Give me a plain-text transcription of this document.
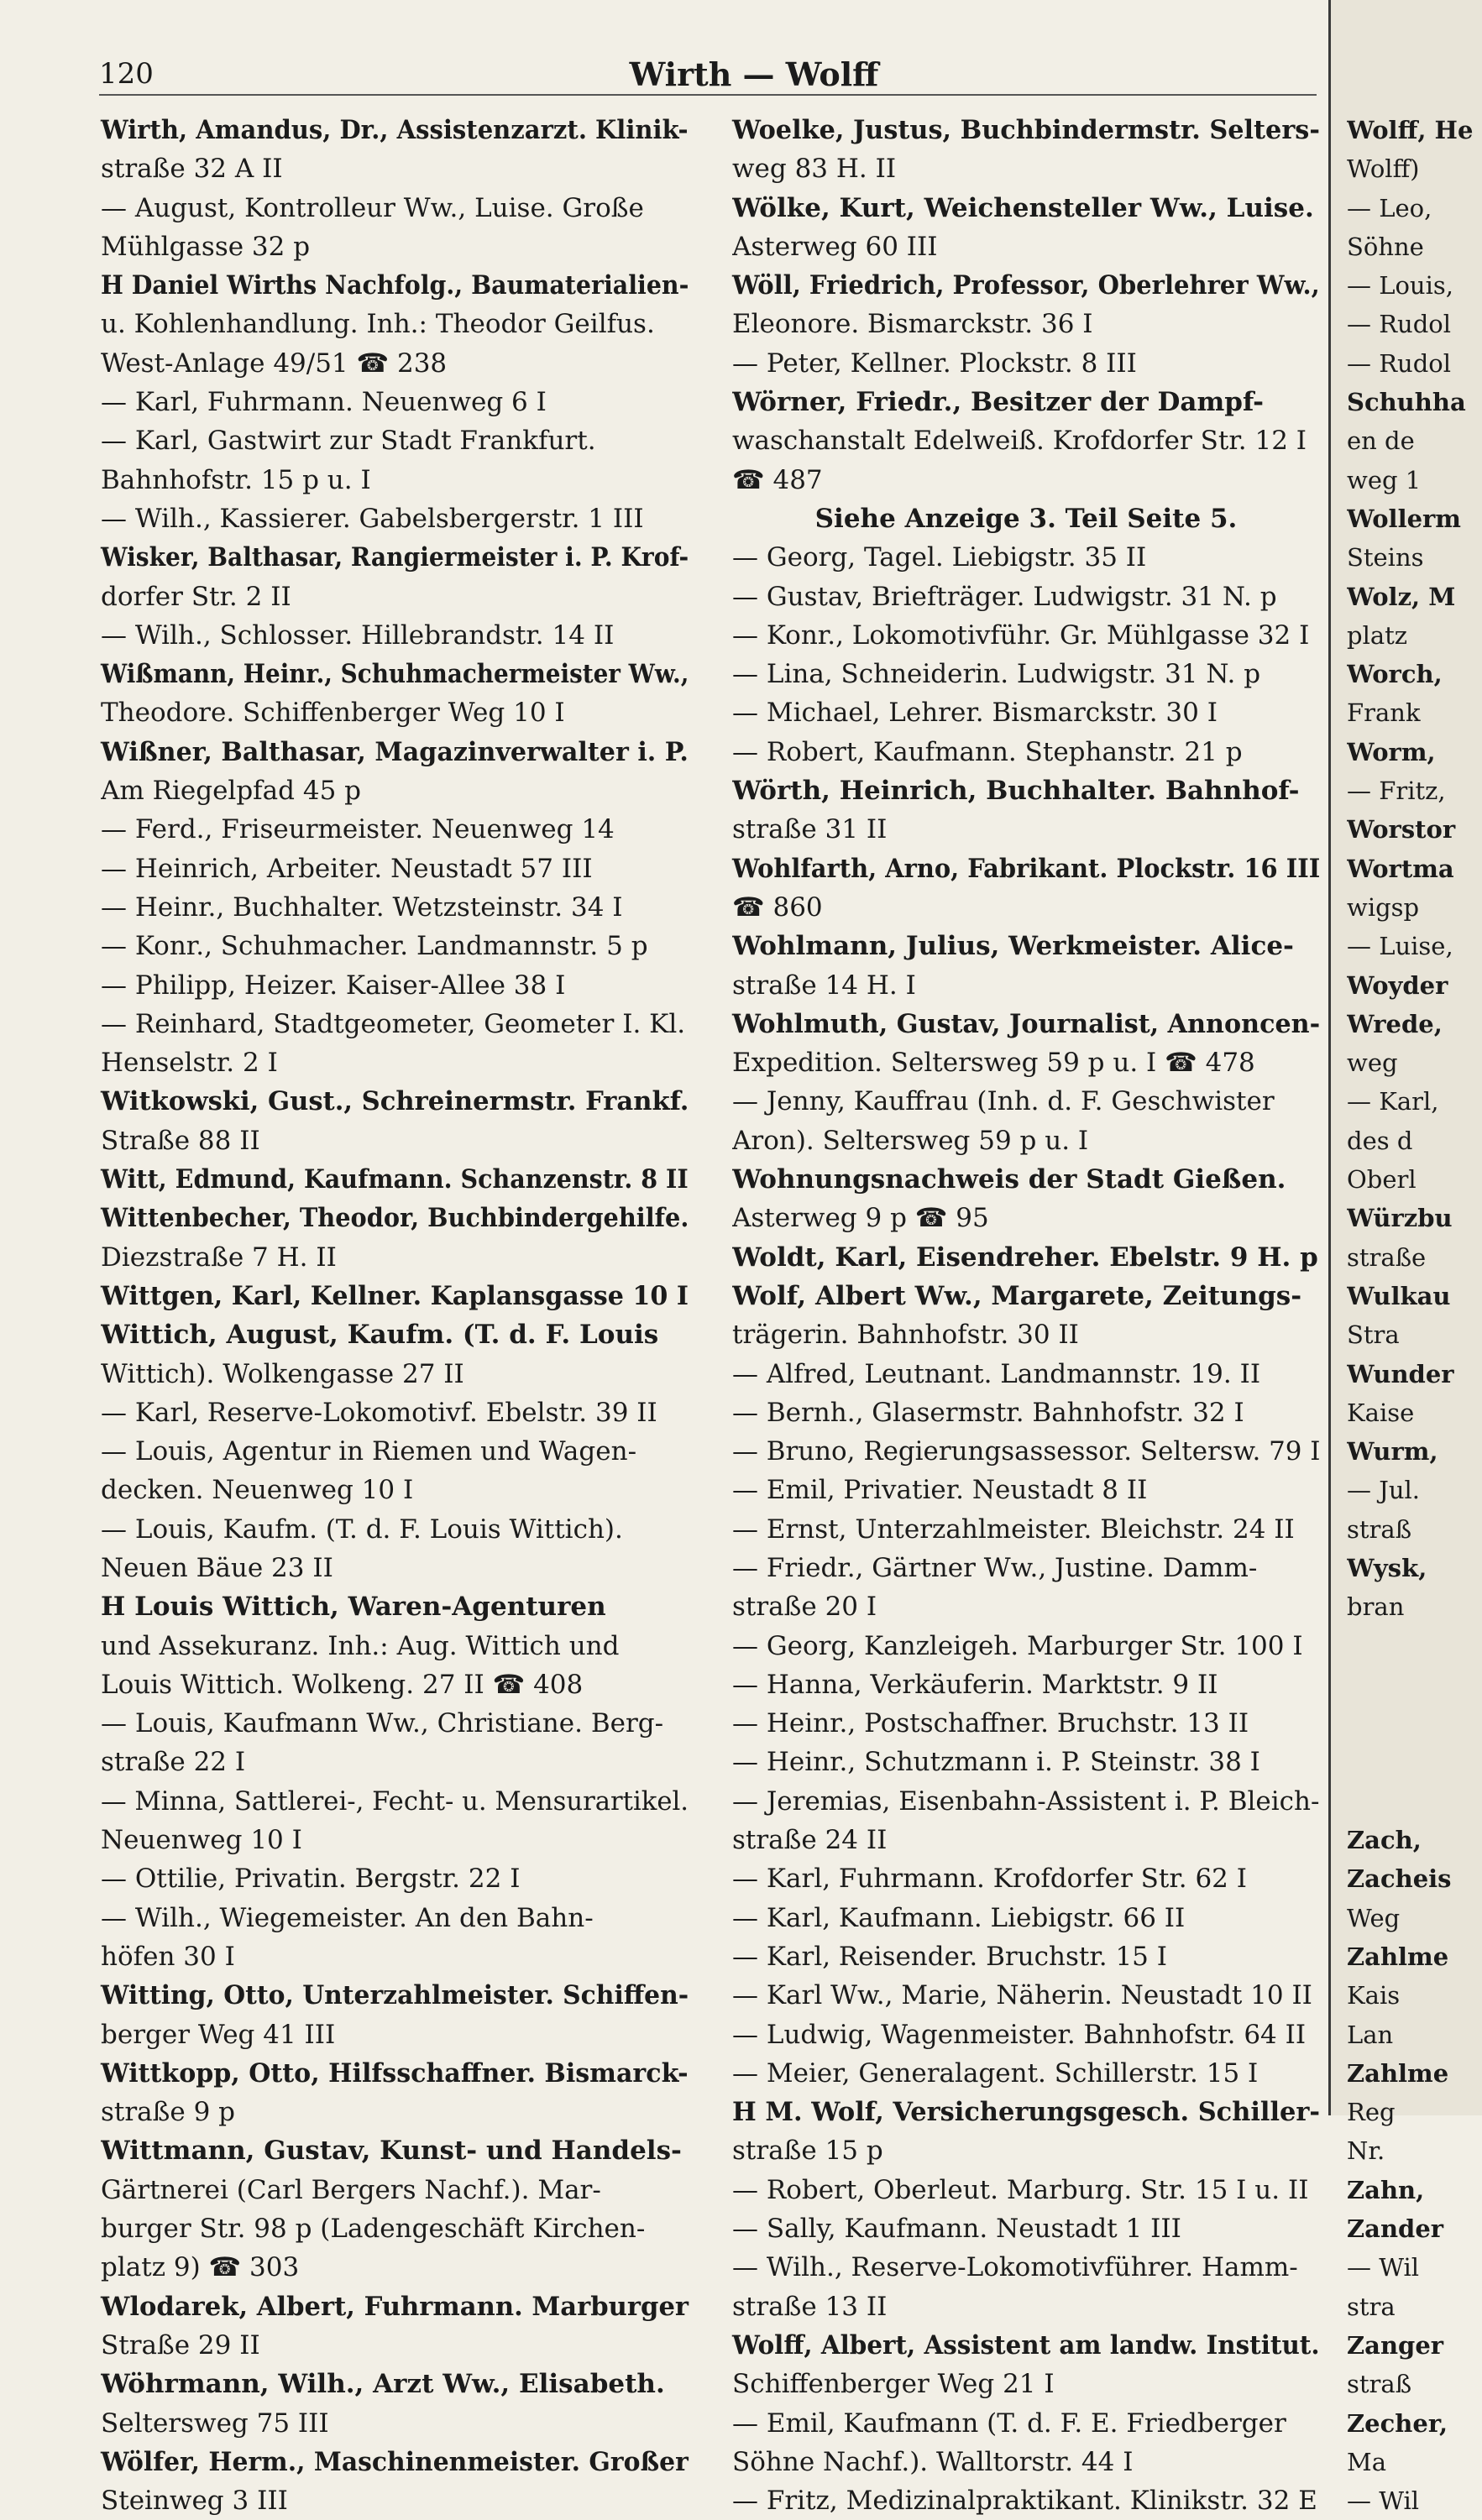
120	Wirth — Wolff
Wirth, Amandus, Dr., Assistenzarzt. Klinik-
straße 32 A II
— August, Kontrolleur Ww., Luise. Große
Mühlgasse 32 p
H Daniel Wirths Nachfolg., Baumaterialien-
u. Kohlenhandlung. Inh.: Theodor Geilfus.
West-Anlage 49/51 ☎ 238
— Karl, Fuhrmann. Neuenweg 6 I
— Karl, Gastwirt zur Stadt Frankfurt.
Bahnhofstr. 15 p u. I
— Wilh., Kassierer. Gabelsbergerstr. 1 III
Wisker, Balthasar, Rangiermeister i. P. Krof-
dorfer Str. 2 II
— Wilh., Schlosser. Hillebrandstr. 14 II
Wißmann, Heinr., Schuhmachermeister Ww.,
Theodore. Schiffenberger Weg 10 I
Wißner, Balthasar, Magazinverwalter i. P.
Am Riegelpfad 45 p
— Ferd., Friseurmeister. Neuenweg 14
— Heinrich, Arbeiter. Neustadt 57 III
— Heinr., Buchhalter. Wetzsteinstr. 34 I
— Konr., Schuhmacher. Landmannstr. 5 p
— Philipp, Heizer. Kaiser-Allee 38 I
— Reinhard, Stadtgeometer, Geometer I. Kl.
Henselstr. 2 I
Witkowski, Gust., Schreinermstr. Frankf.
Straße 88 II
Witt, Edmund, Kaufmann. Schanzenstr. 8 II
Wittenbecher, Theodor, Buchbindergehilfe.
Diezstraße 7 H. II
Wittgen, Karl, Kellner. Kaplansgasse 10 I
Wittich, August, Kaufm. (T. d. F. Louis
Wittich). Wolkengasse 27 II
— Karl, Reserve-Lokomotivf. Ebelstr. 39 II
— Louis, Agentur in Riemen und Wagen-
decken. Neuenweg 10 I
— Louis, Kaufm. (T. d. F. Louis Wittich).
Neuen Bäue 23 II
H Louis Wittich, Waren-Agenturen
und Assekuranz. Inh.: Aug. Wittich und
Louis Wittich. Wolkeng. 27 II ☎ 408
— Louis, Kaufmann Ww., Christiane. Berg-
straße 22 I
— Minna, Sattlerei-, Fecht- u. Mensurartikel.
Neuenweg 10 I
— Ottilie, Privatin. Bergstr. 22 I
— Wilh., Wiegemeister. An den Bahn-
höfen 30 I
Witting, Otto, Unterzahlmeister. Schiffen-
berger Weg 41 III
Wittkopp, Otto, Hilfsschaffner. Bismarck-
straße 9 p
Wittmann, Gustav, Kunst- und Handels-
Gärtnerei (Carl Bergers Nachf.). Mar-
burger Str. 98 p (Ladengeschäft Kirchen-
platz 9) ☎ 303
Wlodarek, Albert, Fuhrmann. Marburger
Straße 29 II
Wöhrmann, Wilh., Arzt Ww., Elisabeth.
Seltersweg 75 III
Wölfer, Herm., Maschinenmeister. Großer
Steinweg 3 III
Woelke, Justus, Buchbindermstr. Selters-
weg 83 H. II
Wölke, Kurt, Weichensteller Ww., Luise.
Asterweg 60 III
Wöll, Friedrich, Professor, Oberlehrer Ww.,
Eleonore. Bismarckstr. 36 I
— Peter, Kellner. Plockstr. 8 III
Wörner, Friedr., Besitzer der Dampf-
waschanstalt Edelweiß. Krofdorfer Str. 12 I
☎ 487
Siehe Anzeige 3. Teil Seite 5.
— Georg, Tagel. Liebigstr. 35 II
— Gustav, Briefträger. Ludwigstr. 31 N. p
— Konr., Lokomotivführ. Gr. Mühlgasse 32 I
— Lina, Schneiderin. Ludwigstr. 31 N. p
— Michael, Lehrer. Bismarckstr. 30 I
— Robert, Kaufmann. Stephanstr. 21 p
Wörth, Heinrich, Buchhalter. Bahnhof-
straße 31 II
Wohlfarth, Arno, Fabrikant. Plockstr. 16 III
☎ 860
Wohlmann, Julius, Werkmeister. Alice-
straße 14 H. I
Wohlmuth, Gustav, Journalist, Annoncen-
Expedition. Seltersweg 59 p u. I ☎ 478
— Jenny, Kauffrau (Inh. d. F. Geschwister
Aron). Seltersweg 59 p u. I
Wohnungsnachweis der Stadt Gießen.
Asterweg 9 p ☎ 95
Woldt, Karl, Eisendreher. Ebelstr. 9 H. p
Wolf, Albert Ww., Margarete, Zeitungs-
trägerin. Bahnhofstr. 30 II
— Alfred, Leutnant. Landmannstr. 19. II
— Bernh., Glasermstr. Bahnhofstr. 32 I
— Bruno, Regierungsassessor. Seltersw. 79 I
— Emil, Privatier. Neustadt 8 II
— Ernst, Unterzahlmeister. Bleichstr. 24 II
— Friedr., Gärtner Ww., Justine. Damm-
straße 20 I
— Georg, Kanzleigeh. Marburger Str. 100 I
— Hanna, Verkäuferin. Marktstr. 9 II
— Heinr., Postschaffner. Bruchstr. 13 II
— Heinr., Schutzmann i. P. Steinstr. 38 I
— Jeremias, Eisenbahn-Assistent i. P. Bleich-
straße 24 II
— Karl, Fuhrmann. Krofdorfer Str. 62 I
— Karl, Kaufmann. Liebigstr. 66 II
— Karl, Reisender. Bruchstr. 15 I
— Karl Ww., Marie, Näherin. Neustadt 10 II
— Ludwig, Wagenmeister. Bahnhofstr. 64 II
— Meier, Generalagent. Schillerstr. 15 I
H M. Wolf, Versicherungsgesch. Schiller-
straße 15 p
— Robert, Oberleut. Marburg. Str. 15 I u. II
— Sally, Kaufmann. Neustadt 1 III
— Wilh., Reserve-Lokomotivführer. Hamm-
straße 13 II
Wolff, Albert, Assistent am landw. Institut.
Schiffenberger Weg 21 I
— Emil, Kaufmann (T. d. F. E. Friedberger
Söhne Nachf.). Walltorstr. 44 I
— Fritz, Medizinalpraktikant. Klinikstr. 32 E
Wolff, He
Wolff)
— Leo,
Söhne
— Louis,
— Rudol
— Rudol
Schuhha
en de
weg 1
Wollerm
Steins
Wolz, M
platz
Worch,
Frank
Worm,
— Fritz,
Worstor
Wortma
wigsp
— Luise,
Woyder
Wrede,
weg
— Karl,
des d
Oberl
Würzbu
straße
Wulkau
Stra
Wunder
Kaise
Wurm,
— Jul.
straß
Wysk,
bran
Zach,
Zacheis
Weg
Zahlme
Kais
Lan
Zahlme
Reg
Nr.
Zahn,
Zander
— Wil
stra
Zanger
straß
Zecher,
Ma
— Wil
